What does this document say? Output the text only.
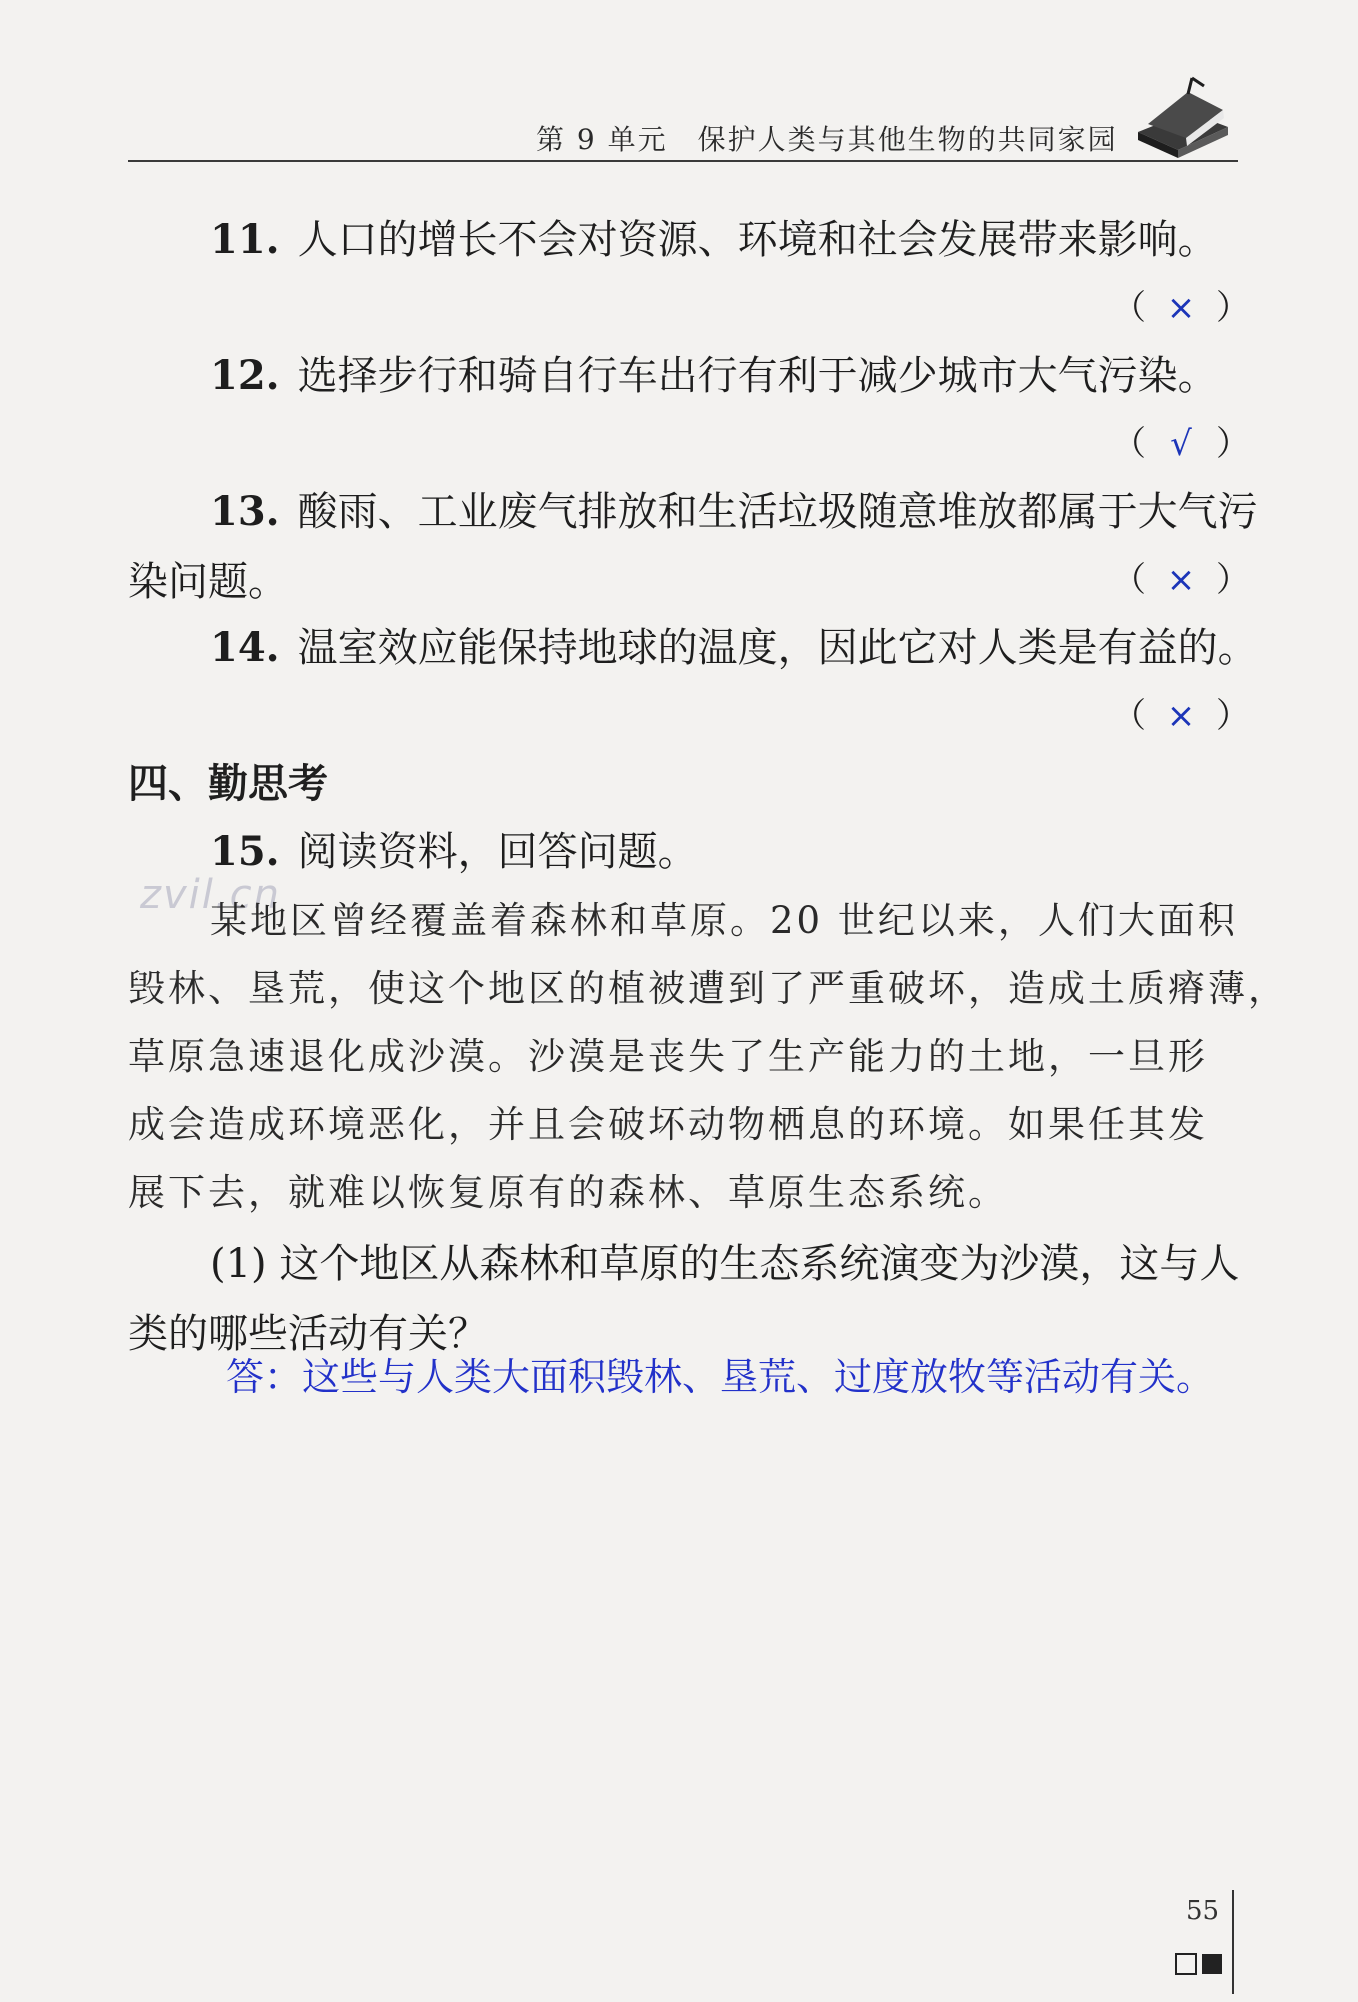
第 9 单元　保护人类与其他生物的共同家园
11. 人口的增长不会对资源、环境和社会发展带来影响。
（ × ）
12. 选择步行和骑自行车出行有利于减少城市大气污染。
（ √ ）
13. 酸雨、工业废气排放和生活垃圾随意堆放都属于大气污
染问题。	（ × ）
14. 温室效应能保持地球的温度，因此它对人类是有益的。
（ × ）
四、勤思考
15. 阅读资料，回答问题。
zvil.cn
某地区曾经覆盖着森林和草原。20 世纪以来，人们大面积
毁林、垦荒，使这个地区的植被遭到了严重破坏，造成土质瘠薄，
草原急速退化成沙漠。沙漠是丧失了生产能力的土地，一旦形
成会造成环境恶化，并且会破坏动物栖息的环境。如果任其发
展下去，就难以恢复原有的森林、草原生态系统。
(1) 这个地区从森林和草原的生态系统演变为沙漠，这与人
类的哪些活动有关？
答：这些与人类大面积毁林、垦荒、过度放牧等活动有关。
55
